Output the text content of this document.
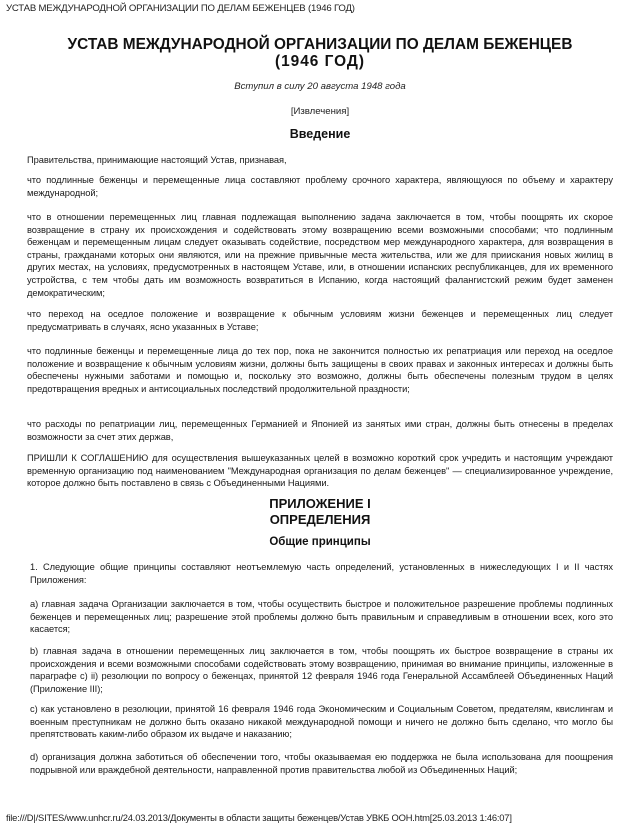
УСТАВ МЕЖДУНАРОДНОЙ ОРГАНИЗАЦИИ ПО ДЕЛАМ БЕЖЕНЦЕВ (1946 ГОД)
УСТАВ МЕЖДУНАРОДНОЙ ОРГАНИЗАЦИИ ПО ДЕЛАМ БЕЖЕНЦЕВ
(1946 ГОД)
Вступил в силу 20 августа 1948 года
[Извлечения]
Введение
Правительства, принимающие настоящий Устав, признавая,
что подлинные беженцы и перемещенные лица составляют проблему срочного характера, являющуюся по объему и характеру международной;
что в отношении перемещенных лиц главная подлежащая выполнению задача заключается в том, чтобы поощрять их скорое возвращение в страну их происхождения и содействовать этому возвращению всеми возможными способами; что подлинным беженцам и перемещенным лицам следует оказывать содействие, посредством мер международного характера, для возвращения в страны, гражданами которых они являются, или на прежние привычные места жительства, или же для приискания новых жилищ в других местах, на условиях, предусмотренных в настоящем Уставе, или, в отношении испанских республиканцев, для их временного устройства, с тем чтобы дать им возможность возвратиться в Испанию, когда настоящий фалангистский режим будет заменен демократическим;
что переход на оседлое положение и возвращение к обычным условиям жизни беженцев и перемещенных лиц следует предусматривать в случаях, ясно указанных в Уставе;
что подлинные беженцы и перемещенные лица до тех пор, пока не закончится полностью их репатриация или переход на оседлое положение и возвращение к обычным условиям жизни, должны быть защищены в своих правах и законных интересах и должны быть обеспечены нужными заботами и помощью и, поскольку это возможно, должны быть обеспечены полезным трудом в целях предотвращения вредных и антисоциальных последствий продолжительной праздности;
что расходы по репатриации лиц, перемещенных Германией и Японией из занятых ими стран, должны быть отнесены в пределах возможности за счет этих держав,
ПРИШЛИ К СОГЛАШЕНИЮ для осуществления вышеуказанных целей в возможно короткий срок учредить и настоящим учреждают временную организацию под наименованием "Международная организация по делам беженцев" — специализированное учреждение, которое должно быть поставлено в связь с Объединенными Нациями.
ПРИЛОЖЕНИЕ I
ОПРЕДЕЛЕНИЯ
Общие принципы
1. Следующие общие принципы составляют неотъемлемую часть определений, установленных в нижеследующих I и II частях Приложения:
а) главная задача Организации заключается в том, чтобы осуществить быстрое и положительное разрешение проблемы подлинных беженцев и перемещенных лиц; разрешение этой проблемы должно быть правильным и справедливым в отношении всех, кого это касается;
b) главная задача в отношении перемещенных лиц заключается в том, чтобы поощрять их быстрое возвращение в страны их происхождения и всеми возможными способами содействовать этому возвращению, принимая во внимание принципы, изложенные в параграфе с) ii) резолюции по вопросу о беженцах, принятой 12 февраля 1946 года Генеральной Ассамблеей Объединенных Наций (Приложение III);
c) как установлено в резолюции, принятой 16 февраля 1946 года Экономическим и Социальным Советом, предателям, квислингам и военным преступникам не должно быть оказано никакой международной помощи и ничего не должно быть сделано, что могло бы препятствовать каким-либо образом их выдаче и наказанию;
d) организация должна заботиться об обеспечении того, чтобы оказываемая ею поддержка не была использована для поощрения подрывной или враждебной деятельности, направленной против правительства любой из Объединенных Наций;
file:///D|/SITES/www.unhcr.ru/24.03.2013/Документы в области защиты беженцев/Устав УВКБ ООН.htm[25.03.2013 1:46:07]
